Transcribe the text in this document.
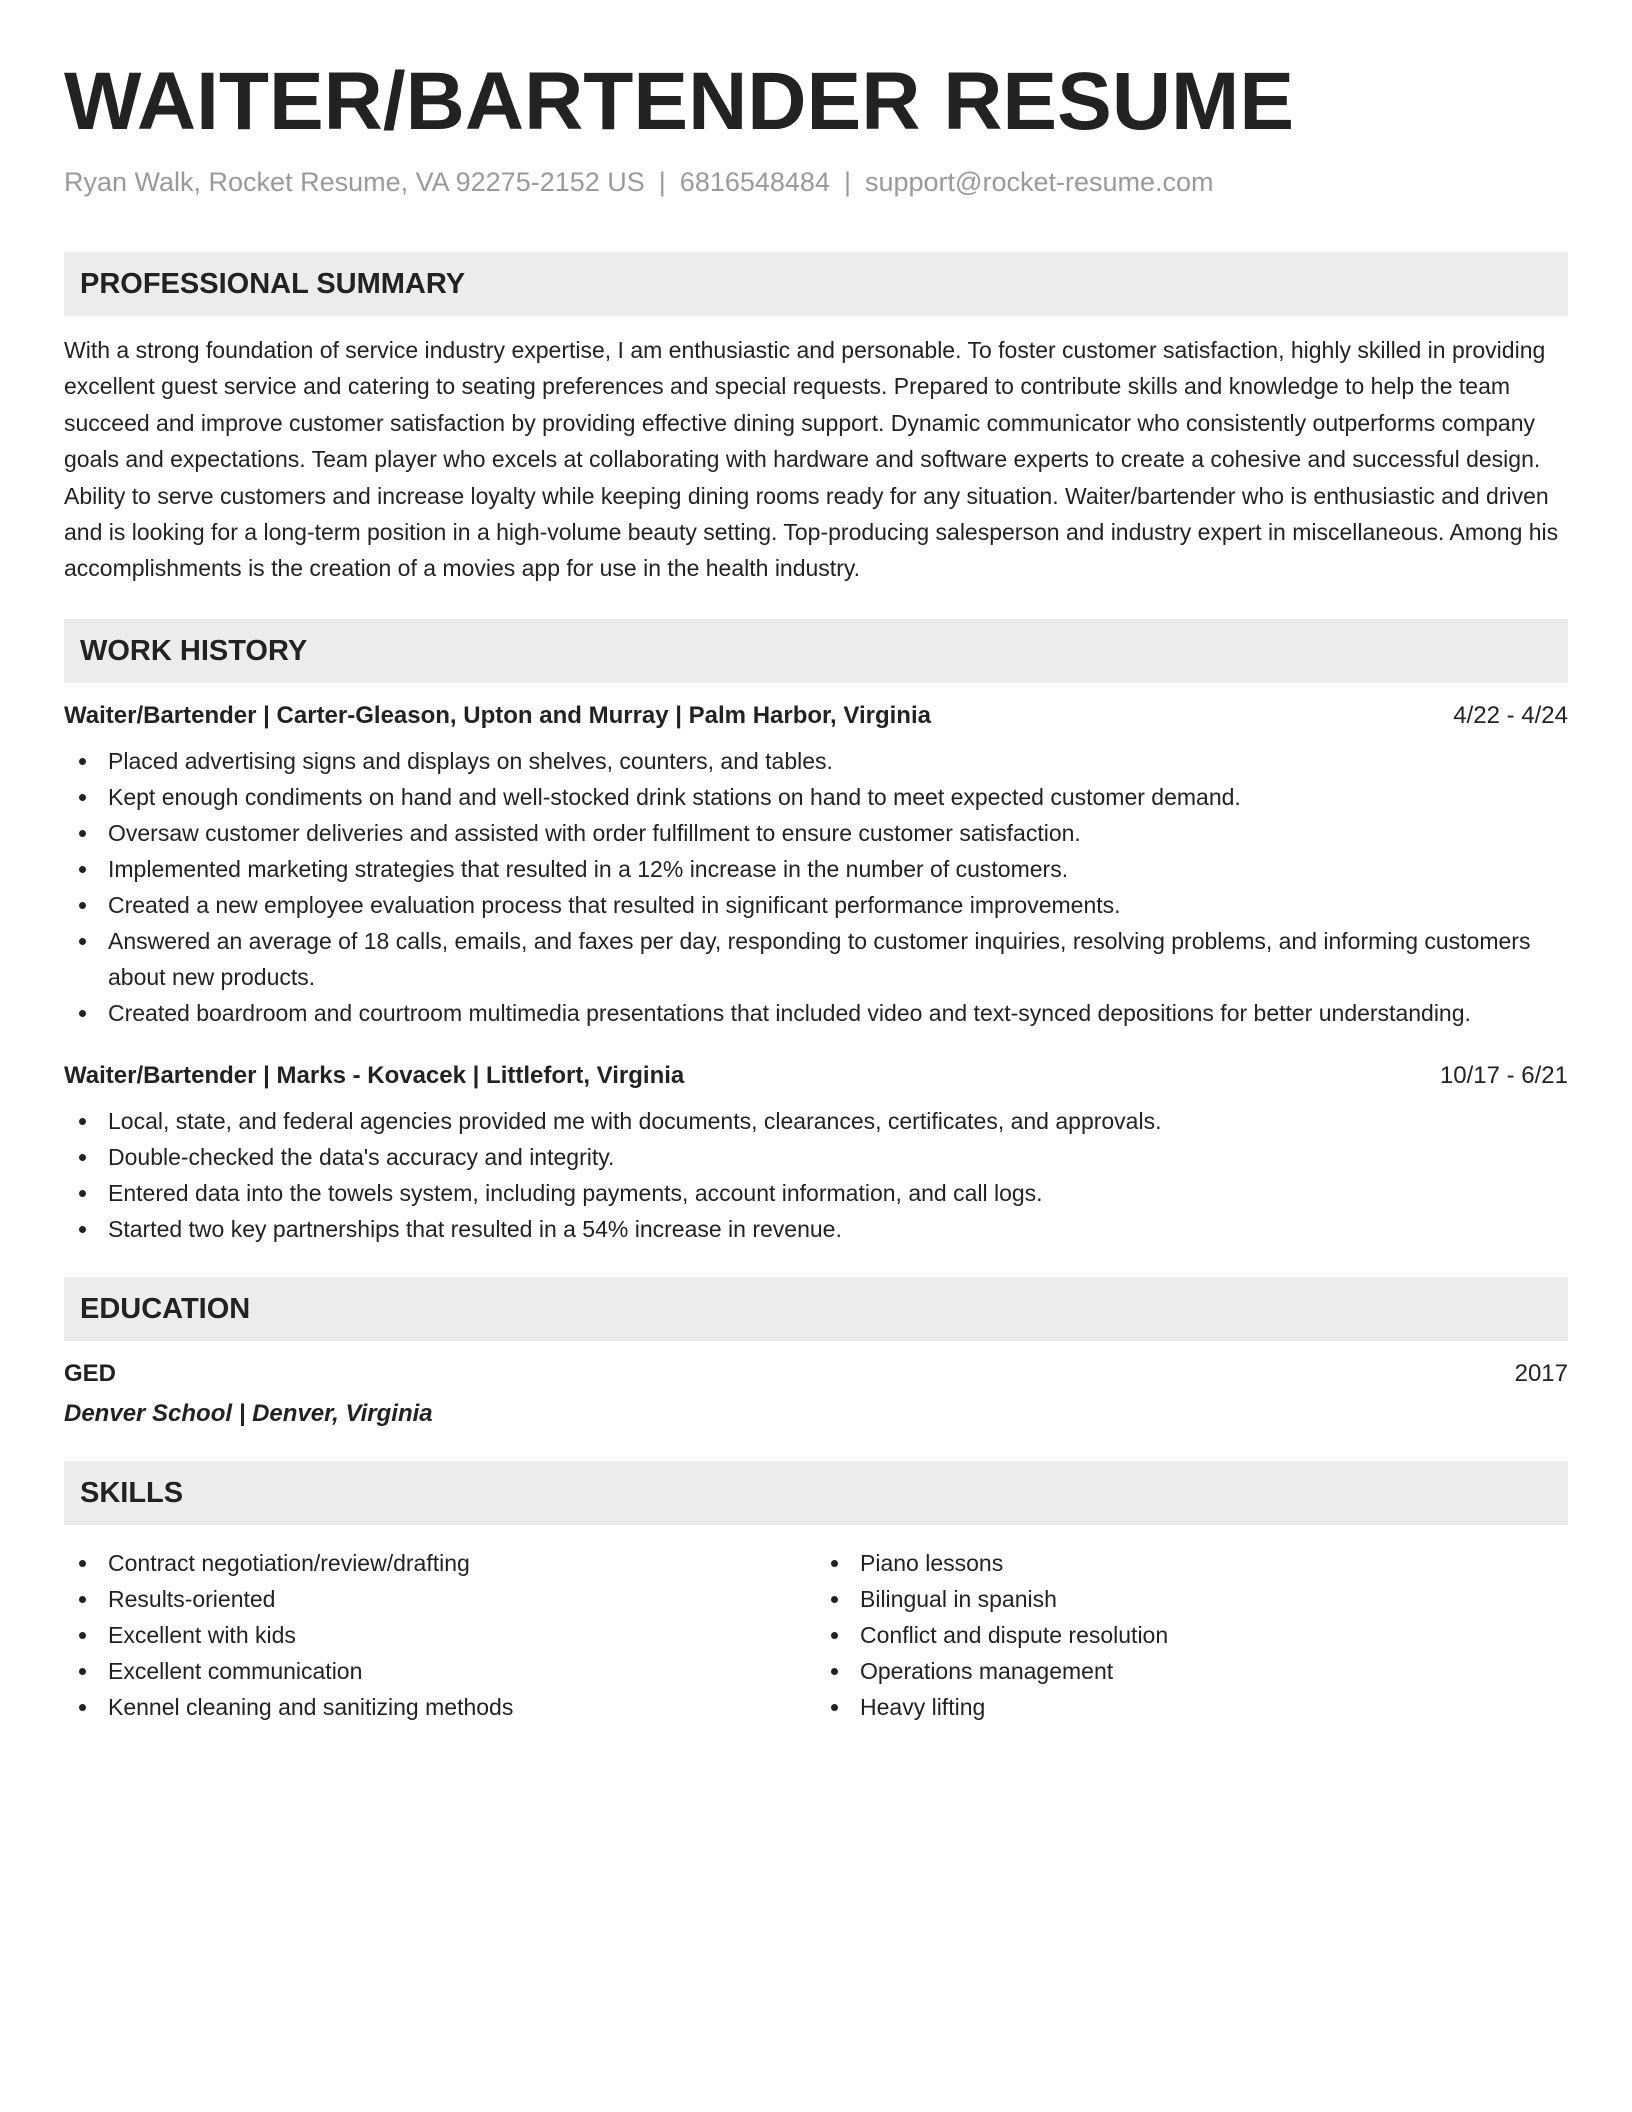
WAITER/BARTENDER RESUME
Ryan Walk, Rocket Resume, VA 92275-2152 US | 6816548484 | support@rocket-resume.com
PROFESSIONAL SUMMARY
With a strong foundation of service industry expertise, I am enthusiastic and personable. To foster customer satisfaction, highly skilled in providing excellent guest service and catering to seating preferences and special requests. Prepared to contribute skills and knowledge to help the team succeed and improve customer satisfaction by providing effective dining support. Dynamic communicator who consistently outperforms company goals and expectations. Team player who excels at collaborating with hardware and software experts to create a cohesive and successful design. Ability to serve customers and increase loyalty while keeping dining rooms ready for any situation. Waiter/bartender who is enthusiastic and driven and is looking for a long-term position in a high-volume beauty setting. Top-producing salesperson and industry expert in miscellaneous. Among his accomplishments is the creation of a movies app for use in the health industry.
WORK HISTORY
Waiter/Bartender | Carter-Gleason, Upton and Murray | Palm Harbor, Virginia	4/22 - 4/24
Placed advertising signs and displays on shelves, counters, and tables.
Kept enough condiments on hand and well-stocked drink stations on hand to meet expected customer demand.
Oversaw customer deliveries and assisted with order fulfillment to ensure customer satisfaction.
Implemented marketing strategies that resulted in a 12% increase in the number of customers.
Created a new employee evaluation process that resulted in significant performance improvements.
Answered an average of 18 calls, emails, and faxes per day, responding to customer inquiries, resolving problems, and informing customers about new products.
Created boardroom and courtroom multimedia presentations that included video and text-synced depositions for better understanding.
Waiter/Bartender | Marks - Kovacek | Littlefort, Virginia	10/17 - 6/21
Local, state, and federal agencies provided me with documents, clearances, certificates, and approvals.
Double-checked the data's accuracy and integrity.
Entered data into the towels system, including payments, account information, and call logs.
Started two key partnerships that resulted in a 54% increase in revenue.
EDUCATION
GED	2017
Denver School | Denver, Virginia
SKILLS
Contract negotiation/review/drafting
Results-oriented
Excellent with kids
Excellent communication
Kennel cleaning and sanitizing methods
Piano lessons
Bilingual in spanish
Conflict and dispute resolution
Operations management
Heavy lifting
